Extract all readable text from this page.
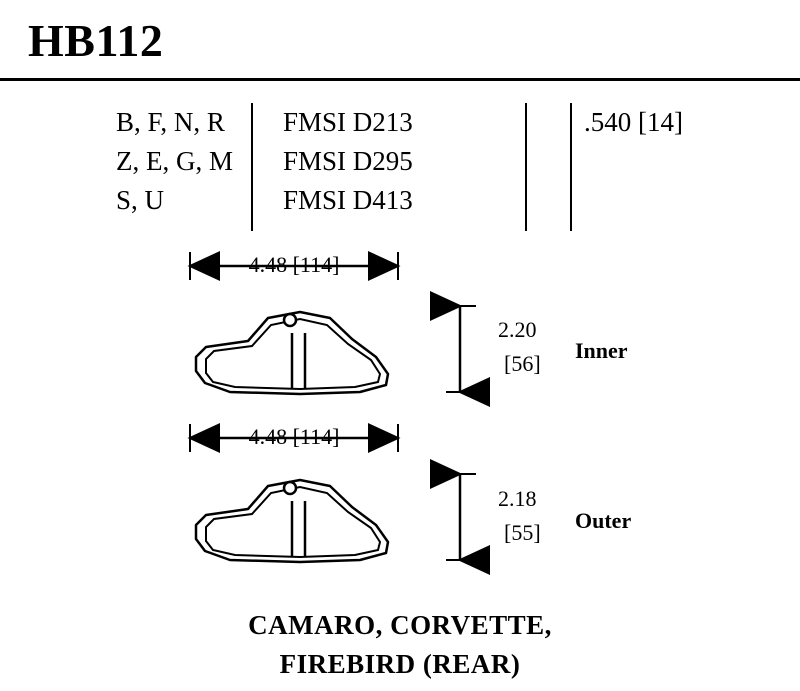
HB112
B, F, N, R
Z, E, G, M
S, U
FMSI D213
FMSI D295
FMSI D413
.540 [14]
4.48 [114]
2.20
[56]
Inner
4.48 [114]
2.18
[55]	Outer
CAMARO, CORVETTE,
FIREBIRD (REAR)
